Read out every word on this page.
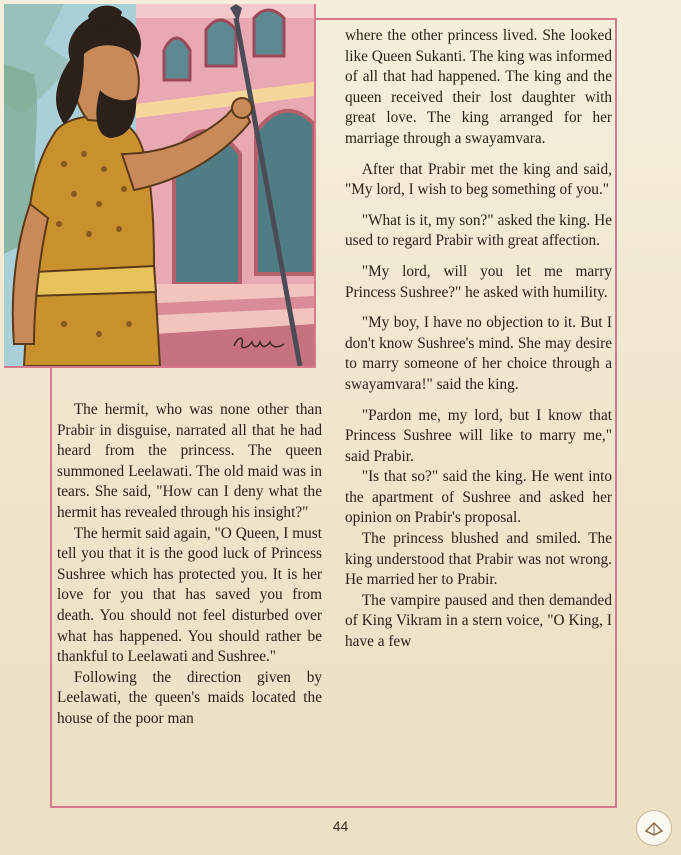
where the other princess lived. She looked like Queen Sukanti. The king was informed of all that had happened. The king and the queen received their lost daughter with great love. The king arranged for her marriage through a swayamvara.

After that Prabir met the king and said, "My lord, I wish to beg something of you."

"What is it, my son?" asked the king. He used to regard Prabir with great affection.

"My lord, will you let me marry Princess Sushree?" he asked with humility.

"My boy, I have no objection to it. But I don't know Sushree's mind. She may desire to marry someone of her choice through a swayamvara!" said the king.

"Pardon me, my lord, but I know that Princess Sushree will like to marry me," said Prabir.

"Is that so?" said the king. He went into the apartment of Sushree and asked her opinion on Prabir's proposal.

The princess blushed and smiled. The king understood that Prabir was not wrong. He married her to Prabir.

The vampire paused and then demanded of King Vikram in a stern voice, "O King, I have a few

The hermit, who was none other than Prabir in disguise, narrated all that he had heard from the princess. The queen summoned Leelawati. The old maid was in tears. She said, "How can I deny what the hermit has revealed through his insight?"

The hermit said again, "O Queen, I must tell you that it is the good luck of Princess Sushree which has protected you. It is her love for you that has saved you from death. You should not feel disturbed over what has happened. You should rather be thankful to Leelawati and Sushree."

Following the direction given by Leelawati, the queen's maids located the house of the poor man

44
